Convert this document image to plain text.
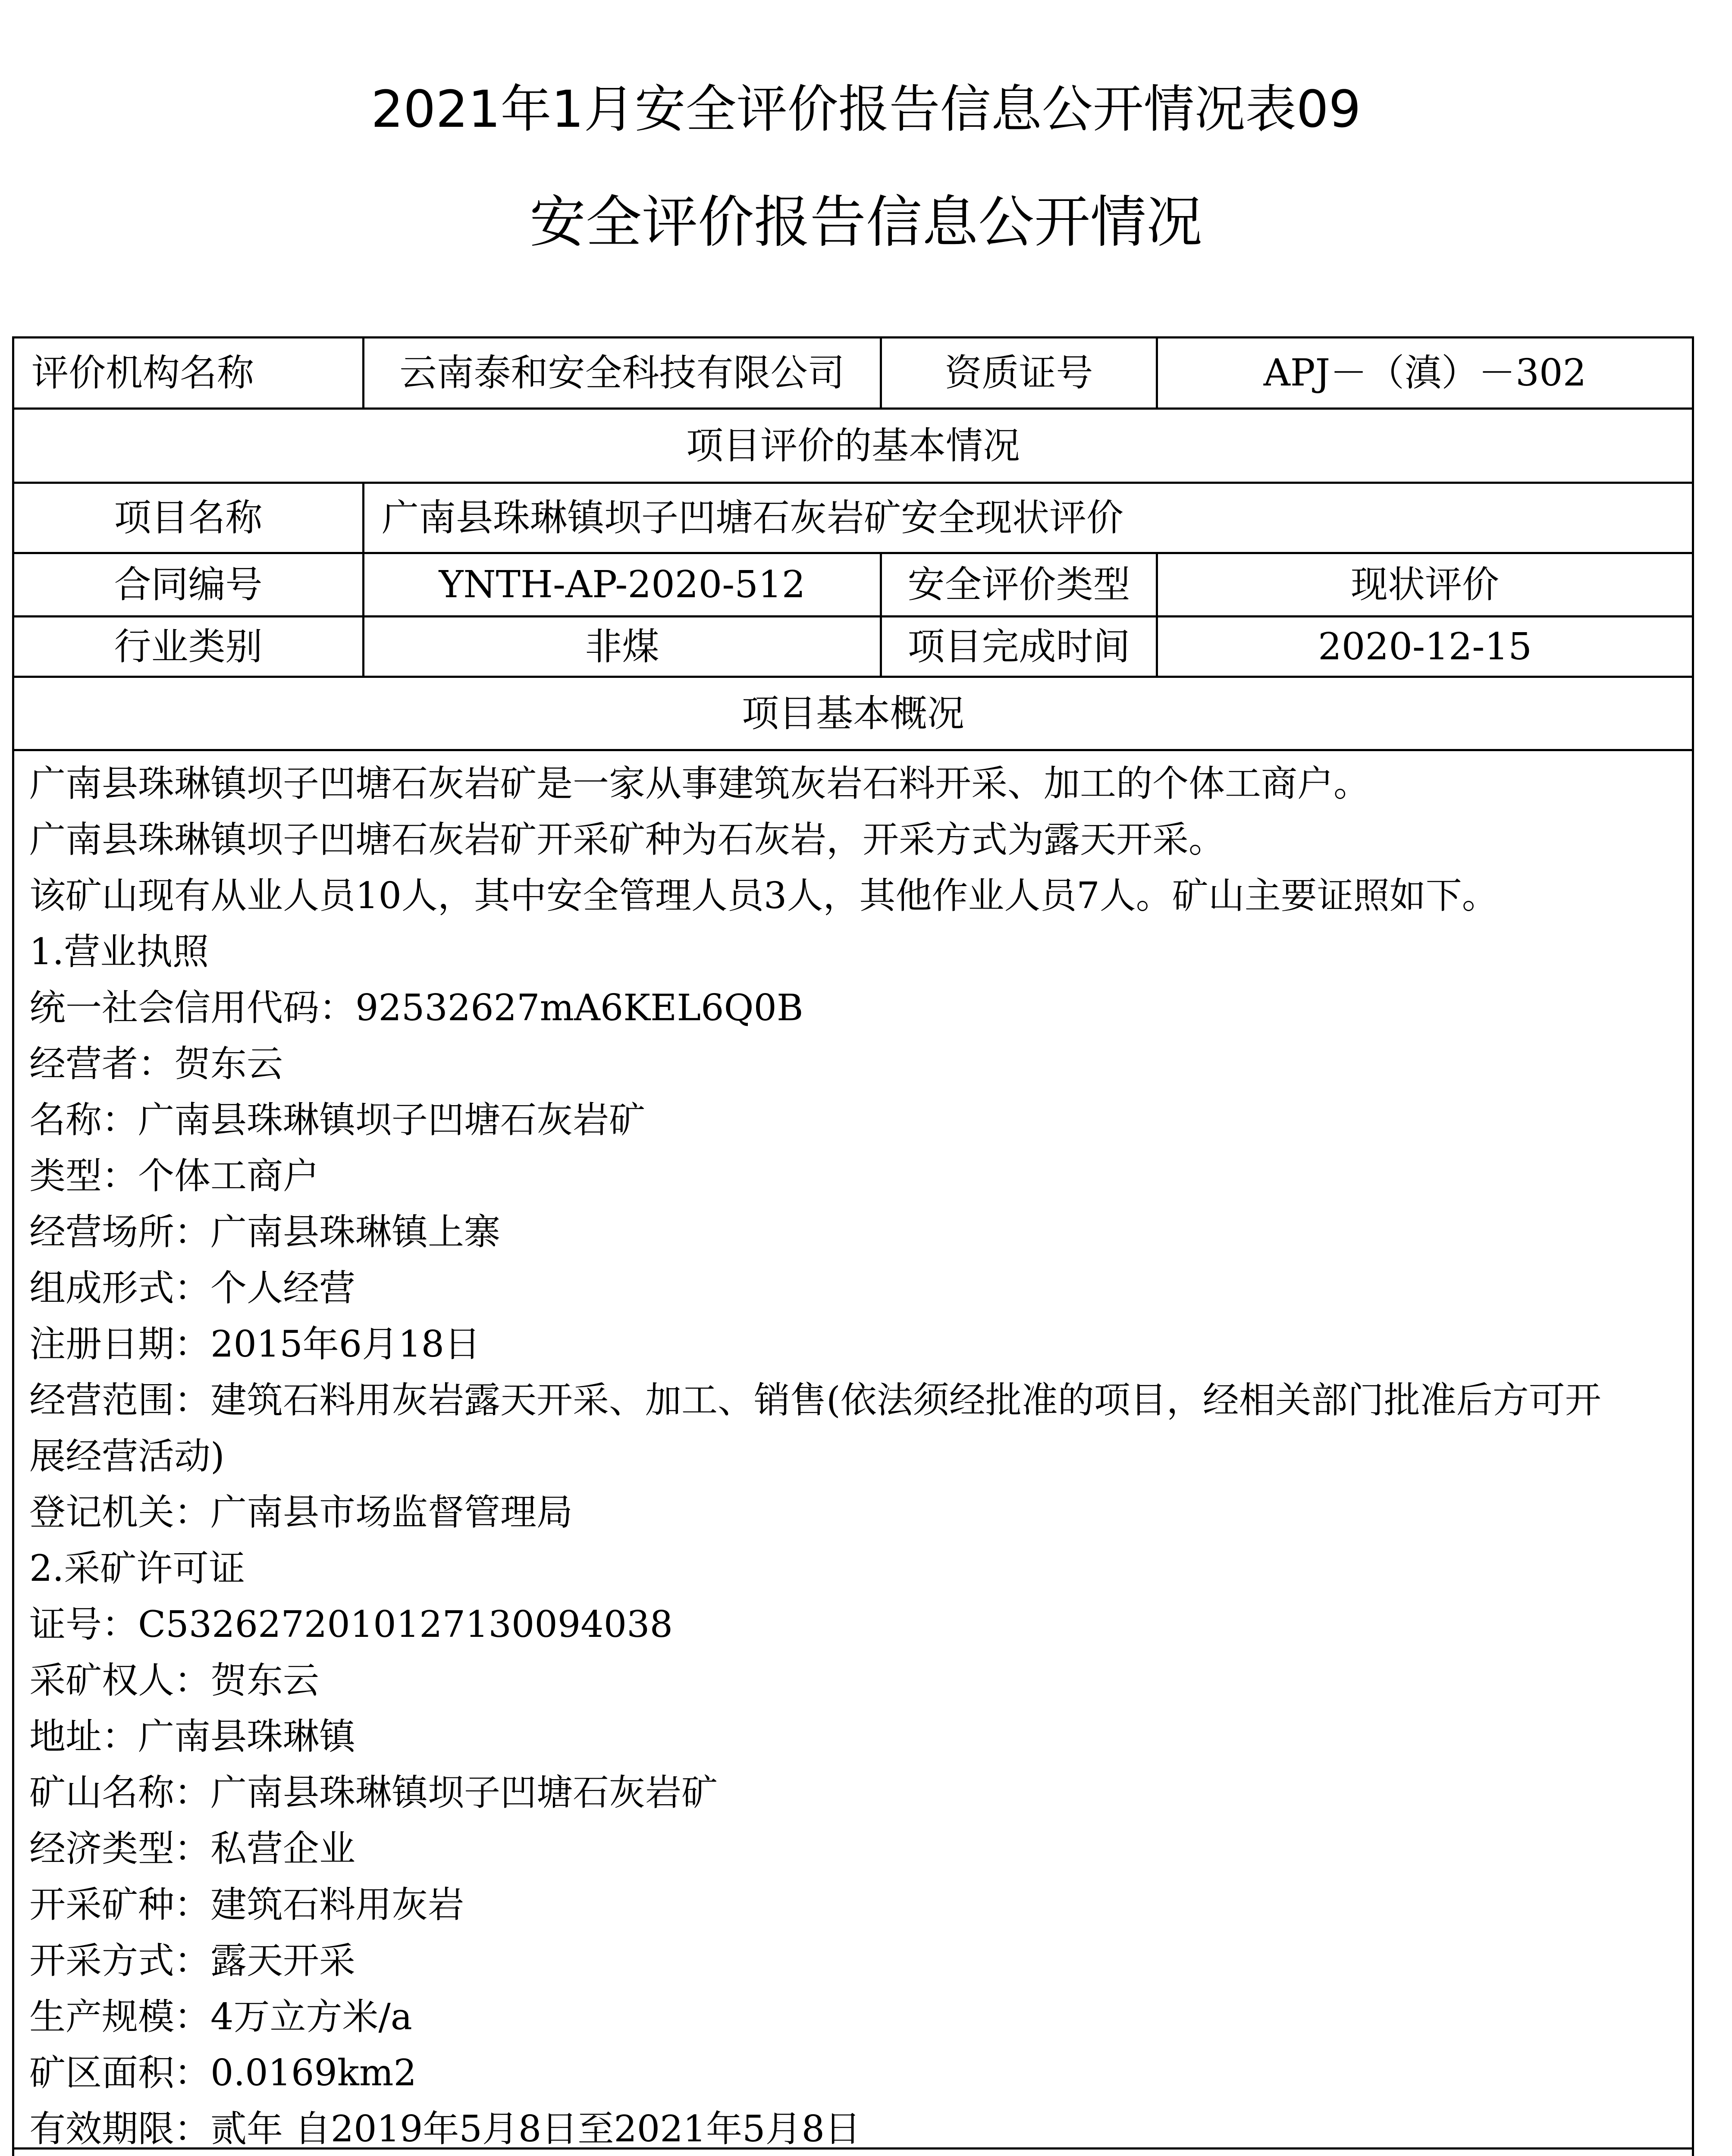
2021年1月安全评价报告信息公开情况表09
安全评价报告信息公开情况
评价机构名称	云南泰和安全科技有限公司	资质证号	APJ－（滇）－302
项目评价的基本情况
项目名称	广南县珠琳镇坝子凹塘石灰岩矿安全现状评价
合同编号	YNTH-AP-2020-512	安全评价类型	现状评价
行业类别	非煤	项目完成时间	2020-12-15
项目基本概况
广南县珠琳镇坝子凹塘石灰岩矿是一家从事建筑灰岩石料开采、加工的个体工商户。
广南县珠琳镇坝子凹塘石灰岩矿开采矿种为石灰岩，开采方式为露天开采。
该矿山现有从业人员10人，其中安全管理人员3人，其他作业人员7人。矿山主要证照如下。
1.营业执照
统一社会信用代码：92532627mA6KEL6Q0B
经营者：贺东云
名称：广南县珠琳镇坝子凹塘石灰岩矿
类型：个体工商户
经营场所：广南县珠琳镇上寨
组成形式：个人经营
注册日期：2015年6月18日
经营范围：建筑石料用灰岩露天开采、加工、销售(依法须经批准的项目，经相关部门批准后方可开
展经营活动)
登记机关：广南县市场监督管理局
2.采矿许可证
证号：C5326272010127130094038
采矿权人：贺东云
地址：广南县珠琳镇
矿山名称：广南县珠琳镇坝子凹塘石灰岩矿
经济类型：私营企业
开采矿种：建筑石料用灰岩
开采方式：露天开采
生产规模：4万立方米/a
矿区面积：0.0169km2
有效期限：贰年 自2019年5月8日至2021年5月8日
